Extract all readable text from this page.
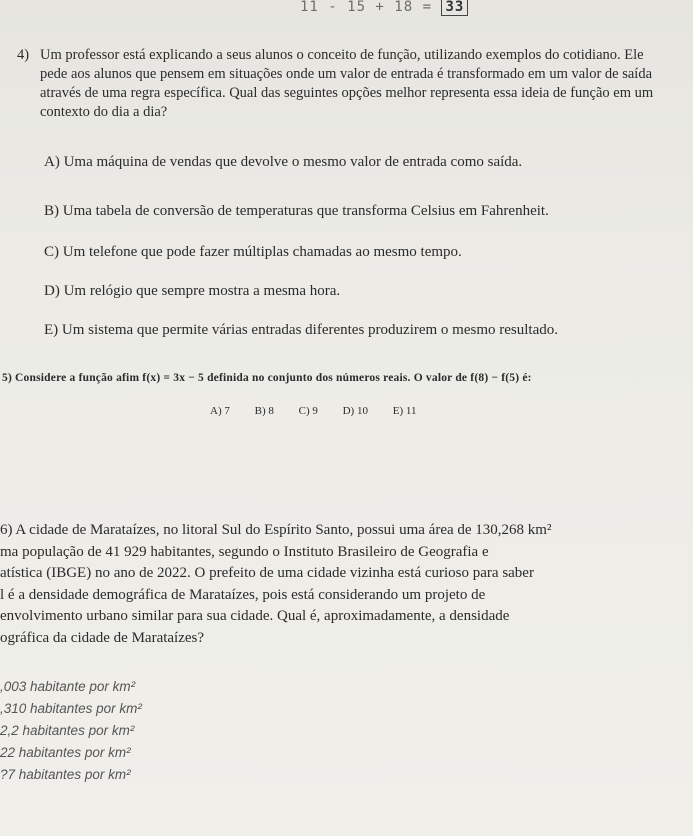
11 - 15 + 18 = 33
4) Um professor está explicando a seus alunos o conceito de função, utilizando exemplos do cotidiano. Ele pede aos alunos que pensem em situações onde um valor de entrada é transformado em um valor de saída através de uma regra específica. Qual das seguintes opções melhor representa essa ideia de função em um contexto do dia a dia?
A) Uma máquina de vendas que devolve o mesmo valor de entrada como saída.
B) Uma tabela de conversão de temperaturas que transforma Celsius em Fahrenheit.
C) Um telefone que pode fazer múltiplas chamadas ao mesmo tempo.
D) Um relógio que sempre mostra a mesma hora.
E) Um sistema que permite várias entradas diferentes produzirem o mesmo resultado.
5) Considere a função afim f(x) = 3x − 5 definida no conjunto dos números reais. O valor de f(8) − f(5) é:
A) 7 B) 8 C) 9 D) 10 E) 11

6) A cidade de Marataízes, no litoral Sul do Espírito Santo, possui uma área de 130,268 km²

ma população de 41 929 habitantes, segundo o Instituto Brasileiro de Geografia e

atística (IBGE) no ano de 2022. O prefeito de uma cidade vizinha está curioso para saber

l é a densidade demográfica de Marataízes, pois está considerando um projeto de

envolvimento urbano similar para sua cidade. Qual é, aproximadamente, a densidade

ográfica da cidade de Marataízes?

,003 habitante por km²
,310 habitantes por km²
2,2 habitantes por km²
22 habitantes por km²
?7 habitantes por km²
